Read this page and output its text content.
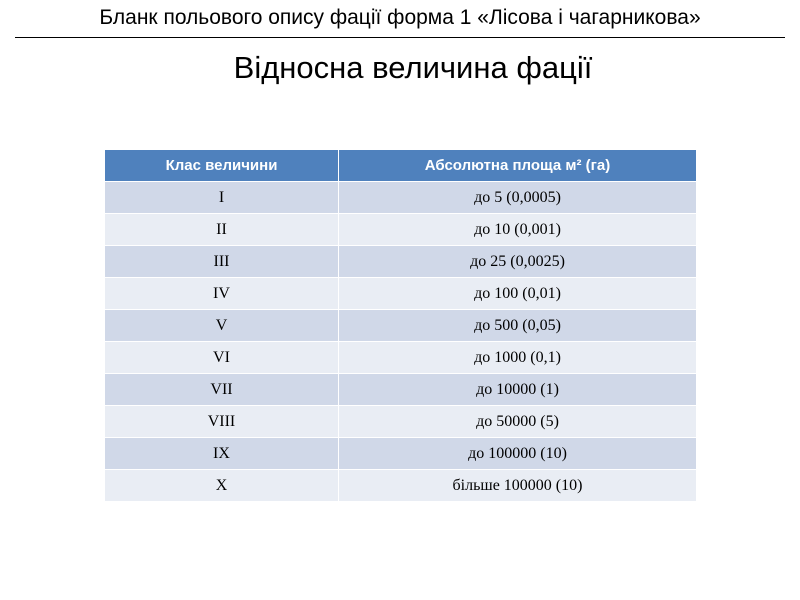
Бланк польового опису фації форма 1 «Лісова і чагарникова»
Відносна величина фації
Клас величини	Абсолютна площа м² (га)
I	до 5 (0,0005)
II	до 10 (0,001)
III	до 25 (0,0025)
IV	до 100 (0,01)
V	до 500 (0,05)
VI	до 1000 (0,1)
VII	до 10000 (1)
VIII	до 50000 (5)
IX	до 100000 (10)
X	більше 100000 (10)
